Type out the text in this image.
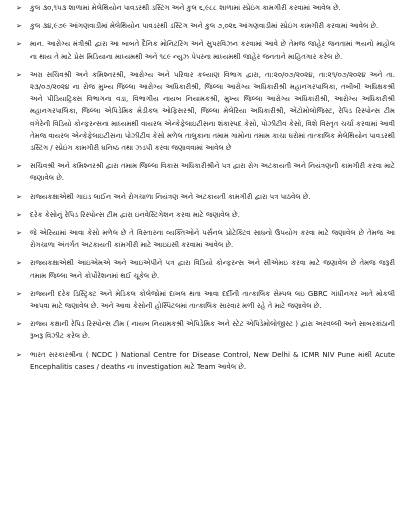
➢ કુલ ૩૦,૧૫૩ શાળામાં મેલેથિયોન પાવડરથી ડસ્ટિંગ અને કુલ ૬,૯૮૮ શાળામાં સ્પ્રેઇંગ કામગીરી કરવામાં આવેલ છે.
➢ કુલ ૩૪,૯૭૯ આંગણવાડીમાં મેલેથિયોન પાવડરથી ડસ્ટિંગ અને કુલ ૭,૦૨૬ આંગણવાડીમાં સ્પ્રેઇંગ કામગીરી કરવામાં આવેલ છે.
➢ માન. આરોગ્ય મંત્રીશ્રી દ્વારા આ બાબતે દૈનિક મોનિટરિંગ અને સુપરવિઝન કરવામાં આવે છે તેમજ જાહેર જનતામાં ભયનો માહોલ ના થાય તે માટે પ્રેસ મિડિયાના માધ્યમથી અને ૧૮૯ ન્યુઝ પેપરના માધ્યમથી જાહેર જનતાને માહિતગાર કરેલ છે.
➢ અગ્ર સચિવશ્રી અને કમિશ્નરશ્રી, આરોગ્ય અને પરિવાર કલ્યાણ વિભાગ દ્વારા, તા:૨૦/૦૭/૨૦૨૪, તા:૨૧/૦૭/૨૦૨૪ અને તા. ૨૩/૦૭/૨૦૨૪ ના રોજ મુખ્ય જિલ્લા આરોગ્ય અધિકારીશ્રી, જિલ્લા આરોગ્ય અધિકારીશ્રી મહાનગરપાલિકા, તબીબી અધિક્ષકશ્રી અને પીડિયાટ્રિક્સ વિભાગના વડા, વિભાગીય નાયબ નિયામકશ્રી, મુખ્ય જિલ્લા આરોગ્ય અધિકારીશ્રી, આરોગ્ય અધિકારીશ્રી મહાનગરપાલિકા, જિલ્લા એપિડેમિક મેડીકલ ઓફિસરશ્રી, જિલ્લા મેલેરિયા અધિકારીશ્રી, એંટોમોલોજિસ્ટ, રેપિડ રિસ્પોન્સ ટીમ વગેરેની વિડિયો કોન્ફરન્સના માધ્યમથી વાયરલ એન્કેફેલાઇટીસના શંકાસ્પદ કેસો, પોઝીટીવ કેસો, વિશે વિસ્તૃત ચર્ચા કરવામાં આવી તેમજ વાયરલ એન્કેફેલાઇટીસના પોઝીટીવ કેસો મળેલ તાલુકાના તમામ ગામોના તમામ કાચા ઘરોમાં તાત્કાલિક મેલેથિયોન પાવડરથી ડસ્ટિંગ / સ્પ્રેઇંગ કામગીરી ઘનિષ્ઠ તથા ઝડપી કરવા જણાવવામાં આવેલ છે
➢ સચિવશ્રી અને કમિશ્નરશ્રી દ્વારા તમામ જિલ્લા વિકાસ અધિકારીશ્રીને પત્ર દ્વારા રોગ અટકાયતી અને નિયંત્રણની કામગીરી કરવા માટે જણાવેલ છે.
➢ રાજ્યકક્ષાએથી ગાઇડ લાઈન અને રોગચાળા નિયંત્રણ અને અટકાયતી કામગીરી દ્વારા પત્ર પાઠવેલ છે.
➢ દરેક કેસોનું રેપિડ રિસ્પોન્સ ટીમ દ્વારા ઇનવેસ્ટિગેશન કરવા માટે જણાવેલ છે.
➢ જે એરિયામાં આવા કેસો મળેલ છે તે વિસ્તારના વ્યક્તિઓને પર્સનલ પ્રોટેક્ટિવ સાધનો ઉપયોગ કરવા માટે જણાવેલ છે તેમજ આ રોગચાળા અંતર્ગત અટકાયતી કામગીરી માટે આઇઇસી કરવામાં આવેલ છે.
➢ રાજ્યકક્ષાએથી આઇએમએ અને આઇએપીને પત્ર દ્વારા વિડિયો કોન્ફરન્સ અને સીએમઇ કરવા માટે જણાવેલ છે તેમજ જરૂરી તમામ જિલ્લા અને કોર્પોરેશનમાં થઈ ચૂકેલ છે.
➢ રાજ્યની દરેક ડિસ્ટ્રિક્ટ અને મેડિકલ કોલેજોમાં દાખલ થતા આવા દર્દીની તાત્કાલિક સેમ્પલ લઇ GBRC ગાંધીનગર ખાતે મોકલી આપવા માટે જણાવેલ છે. અને આવા કેસોની હોસ્પિટલમાં તાત્કાલિક સારવાર મળી રહે તે માટે જણાવેલ છે.
➢ રાજ્ય કક્ષાની રેપિડ રિસ્પોન્સ ટીમ ( નાયબ નિયામકશ્રી એપિડેમિક અને સ્ટેટ એપિડેમોલોજીસ્ટ ) દ્વારા અરવલ્લી અને સાબરકાંઠાની રૂબરૂ વિઝીટ કરેલ છે.
➢ ભારત સરકારશ્રીના ( NCDC ) National Centre for Disease Control, New Delhi & ICMR NIV Pune માંથી Acute Encephalitis cases / deaths ના investigation માટે Team આવેલ છે.
